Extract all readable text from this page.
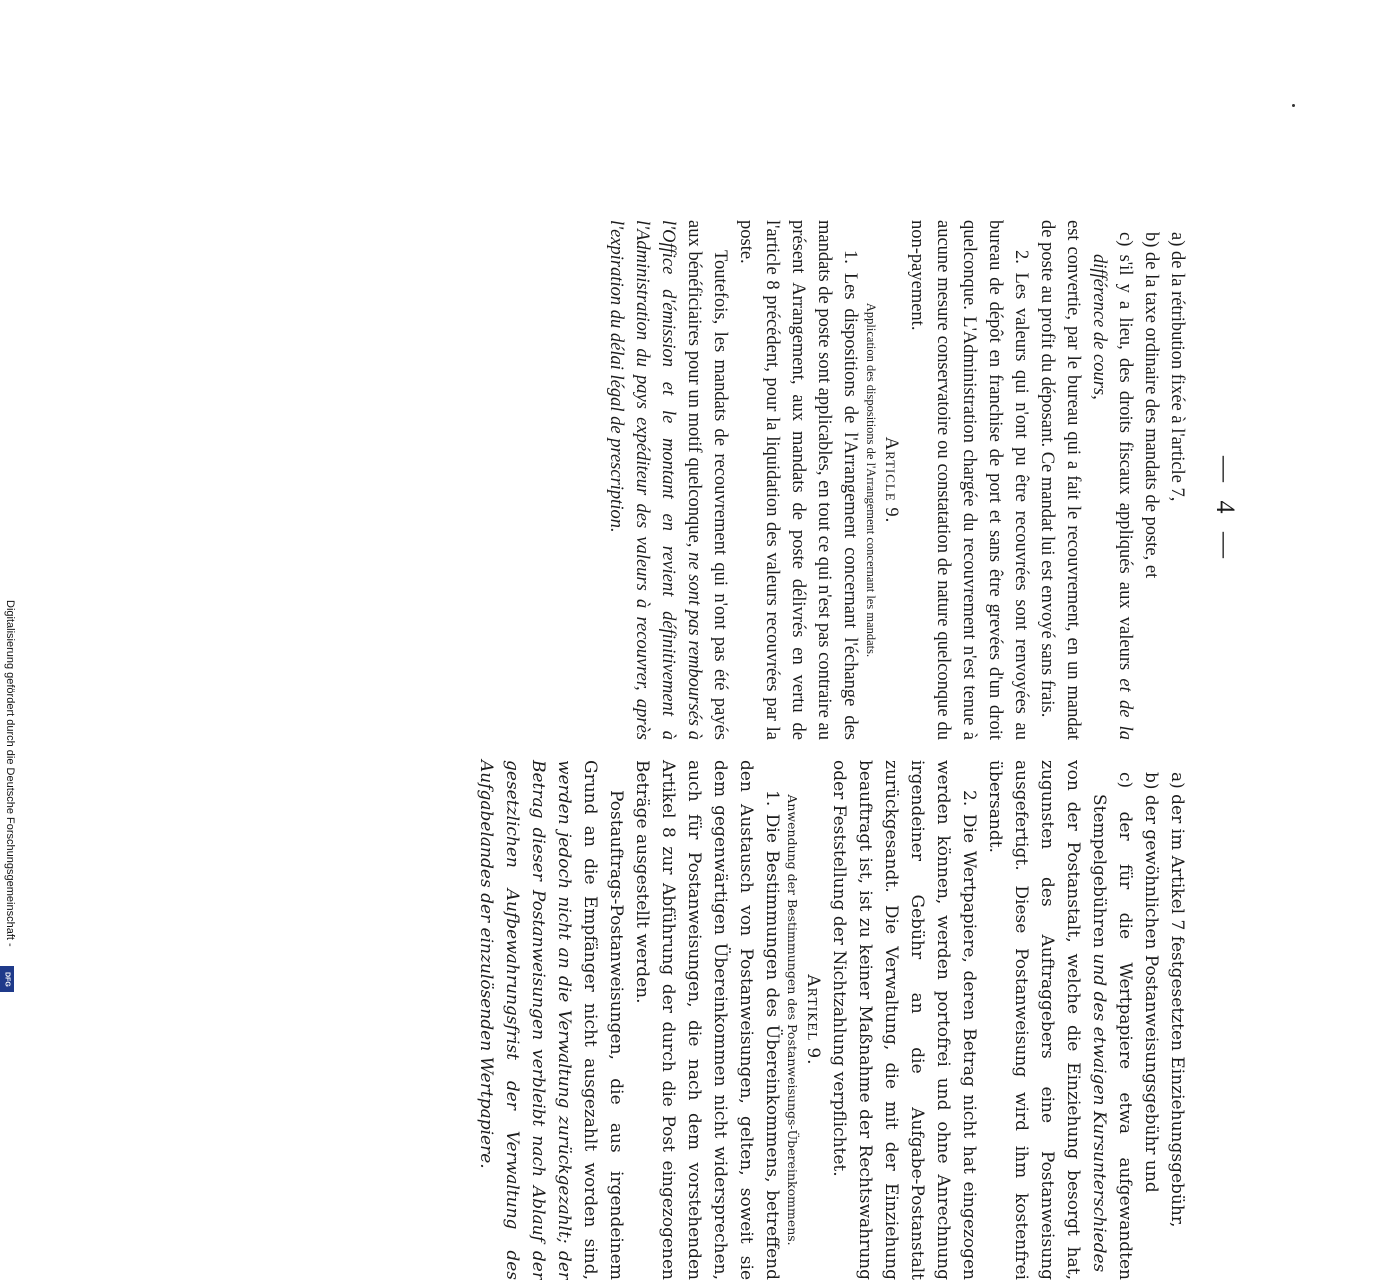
— 4 —

a) de la rétribution fixée à l'article 7,

b) de la taxe ordinaire des mandats de poste, et

c) s'il y a lieu, des droits fiscaux appliqués aux valeurs et de la différence de cours,

est convertie, par le bureau qui a fait le recouvrement, en un mandat de poste au profit du déposant. Ce mandat lui est envoyé sans frais.

2. Les valeurs qui n'ont pu être recouvrées sont renvoyées au bureau de dépôt en franchise de port et sans être grevées d'un droit quelconque. L'Administration chargée du recouvrement n'est tenue à aucune mesure conservatoire ou constatation de nature quelconque du non-payement.

Article 9.

Application des dispositions de l'Arrangement concernant les mandats.

1. Les dispositions de l'Arrangement concernant l'échange des mandats de poste sont applicables, en tout ce qui n'est pas contraire au présent Arrangement, aux mandats de poste délivrés en vertu de l'article 8 précédent, pour la liquidation des valeurs recouvrées par la poste.

Toutefois, les mandats de recouvrement qui n'ont pas été payés aux bénéficiaires pour un motif quelconque, ne sont pas remboursés à l'Office d'émission et le montant en revient définitivement à l'Administration du pays expéditeur des valeurs à recouvrer, après l'expiration du délai légal de prescription.

a) der im Artikel 7 festgesetzten Einziehungsgebühr,

b) der gewöhnlichen Postanweisungsgebühr und

c) der für die Wertpapiere etwa aufgewandten Stempelgebühren und des etwaigen Kursunterschiedes

von der Postanstalt, welche die Einziehung besorgt hat, zugunsten des Auftraggebers eine Postanweisung ausgefertigt. Diese Postanweisung wird ihm kostenfrei übersandt.

2. Die Wertpapiere, deren Betrag nicht hat eingezogen werden können, werden portofrei und ohne Anrechnung irgendeiner Gebühr an die Aufgabe-Postanstalt zurückgesandt. Die Verwaltung, die mit der Einziehung beauftragt ist, ist zu keiner Maßnahme der Rechtswahrung oder Feststellung der Nichtzahlung verpflichtet.

Artikel 9.

Anwendung der Bestimmungen des Postanweisungs-Übereinkommens.

1. Die Bestimmungen des Übereinkommens, betreffend den Austausch von Postanweisungen, gelten, soweit sie dem gegenwärtigen Übereinkommen nicht widersprechen, auch für Postanweisungen, die nach dem vorstehenden Artikel 8 zur Abführung der durch die Post eingezogenen Beträge ausgestellt werden.

Postauftrags-Postanweisungen, die aus irgendeinem Grund an die Empfänger nicht ausgezahlt worden sind, werden jedoch nicht an die Verwaltung zurückgezahlt; der Betrag dieser Postanweisungen verbleibt nach Ablauf der gesetzlichen Aufbewahrungsfrist der Verwaltung des Aufgabelandes der einzulösenden Wertpapiere.

Digitalisierung gefördert durch die Deutsche Forschungsgemeinschaft -
DFG
